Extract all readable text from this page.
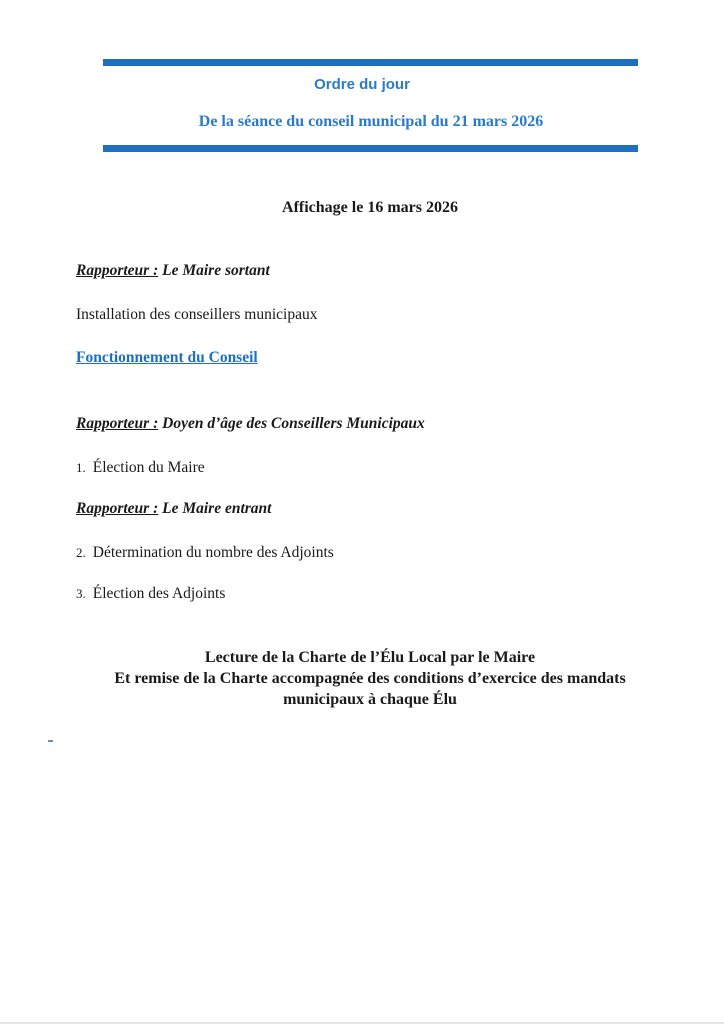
Ordre du jour
De la séance du conseil municipal du 21 mars 2026
Affichage le 16 mars 2026
Rapporteur : Le Maire sortant
Installation des conseillers municipaux
Fonctionnement du Conseil
Rapporteur : Doyen d’âge des Conseillers Municipaux
1. Élection du Maire
Rapporteur : Le Maire entrant
2. Détermination du nombre des Adjoints
3. Élection des Adjoints
Lecture de la Charte de l’Élu Local par le Maire
Et remise de la Charte accompagnée des conditions d’exercice des mandats
municipaux à chaque Élu
